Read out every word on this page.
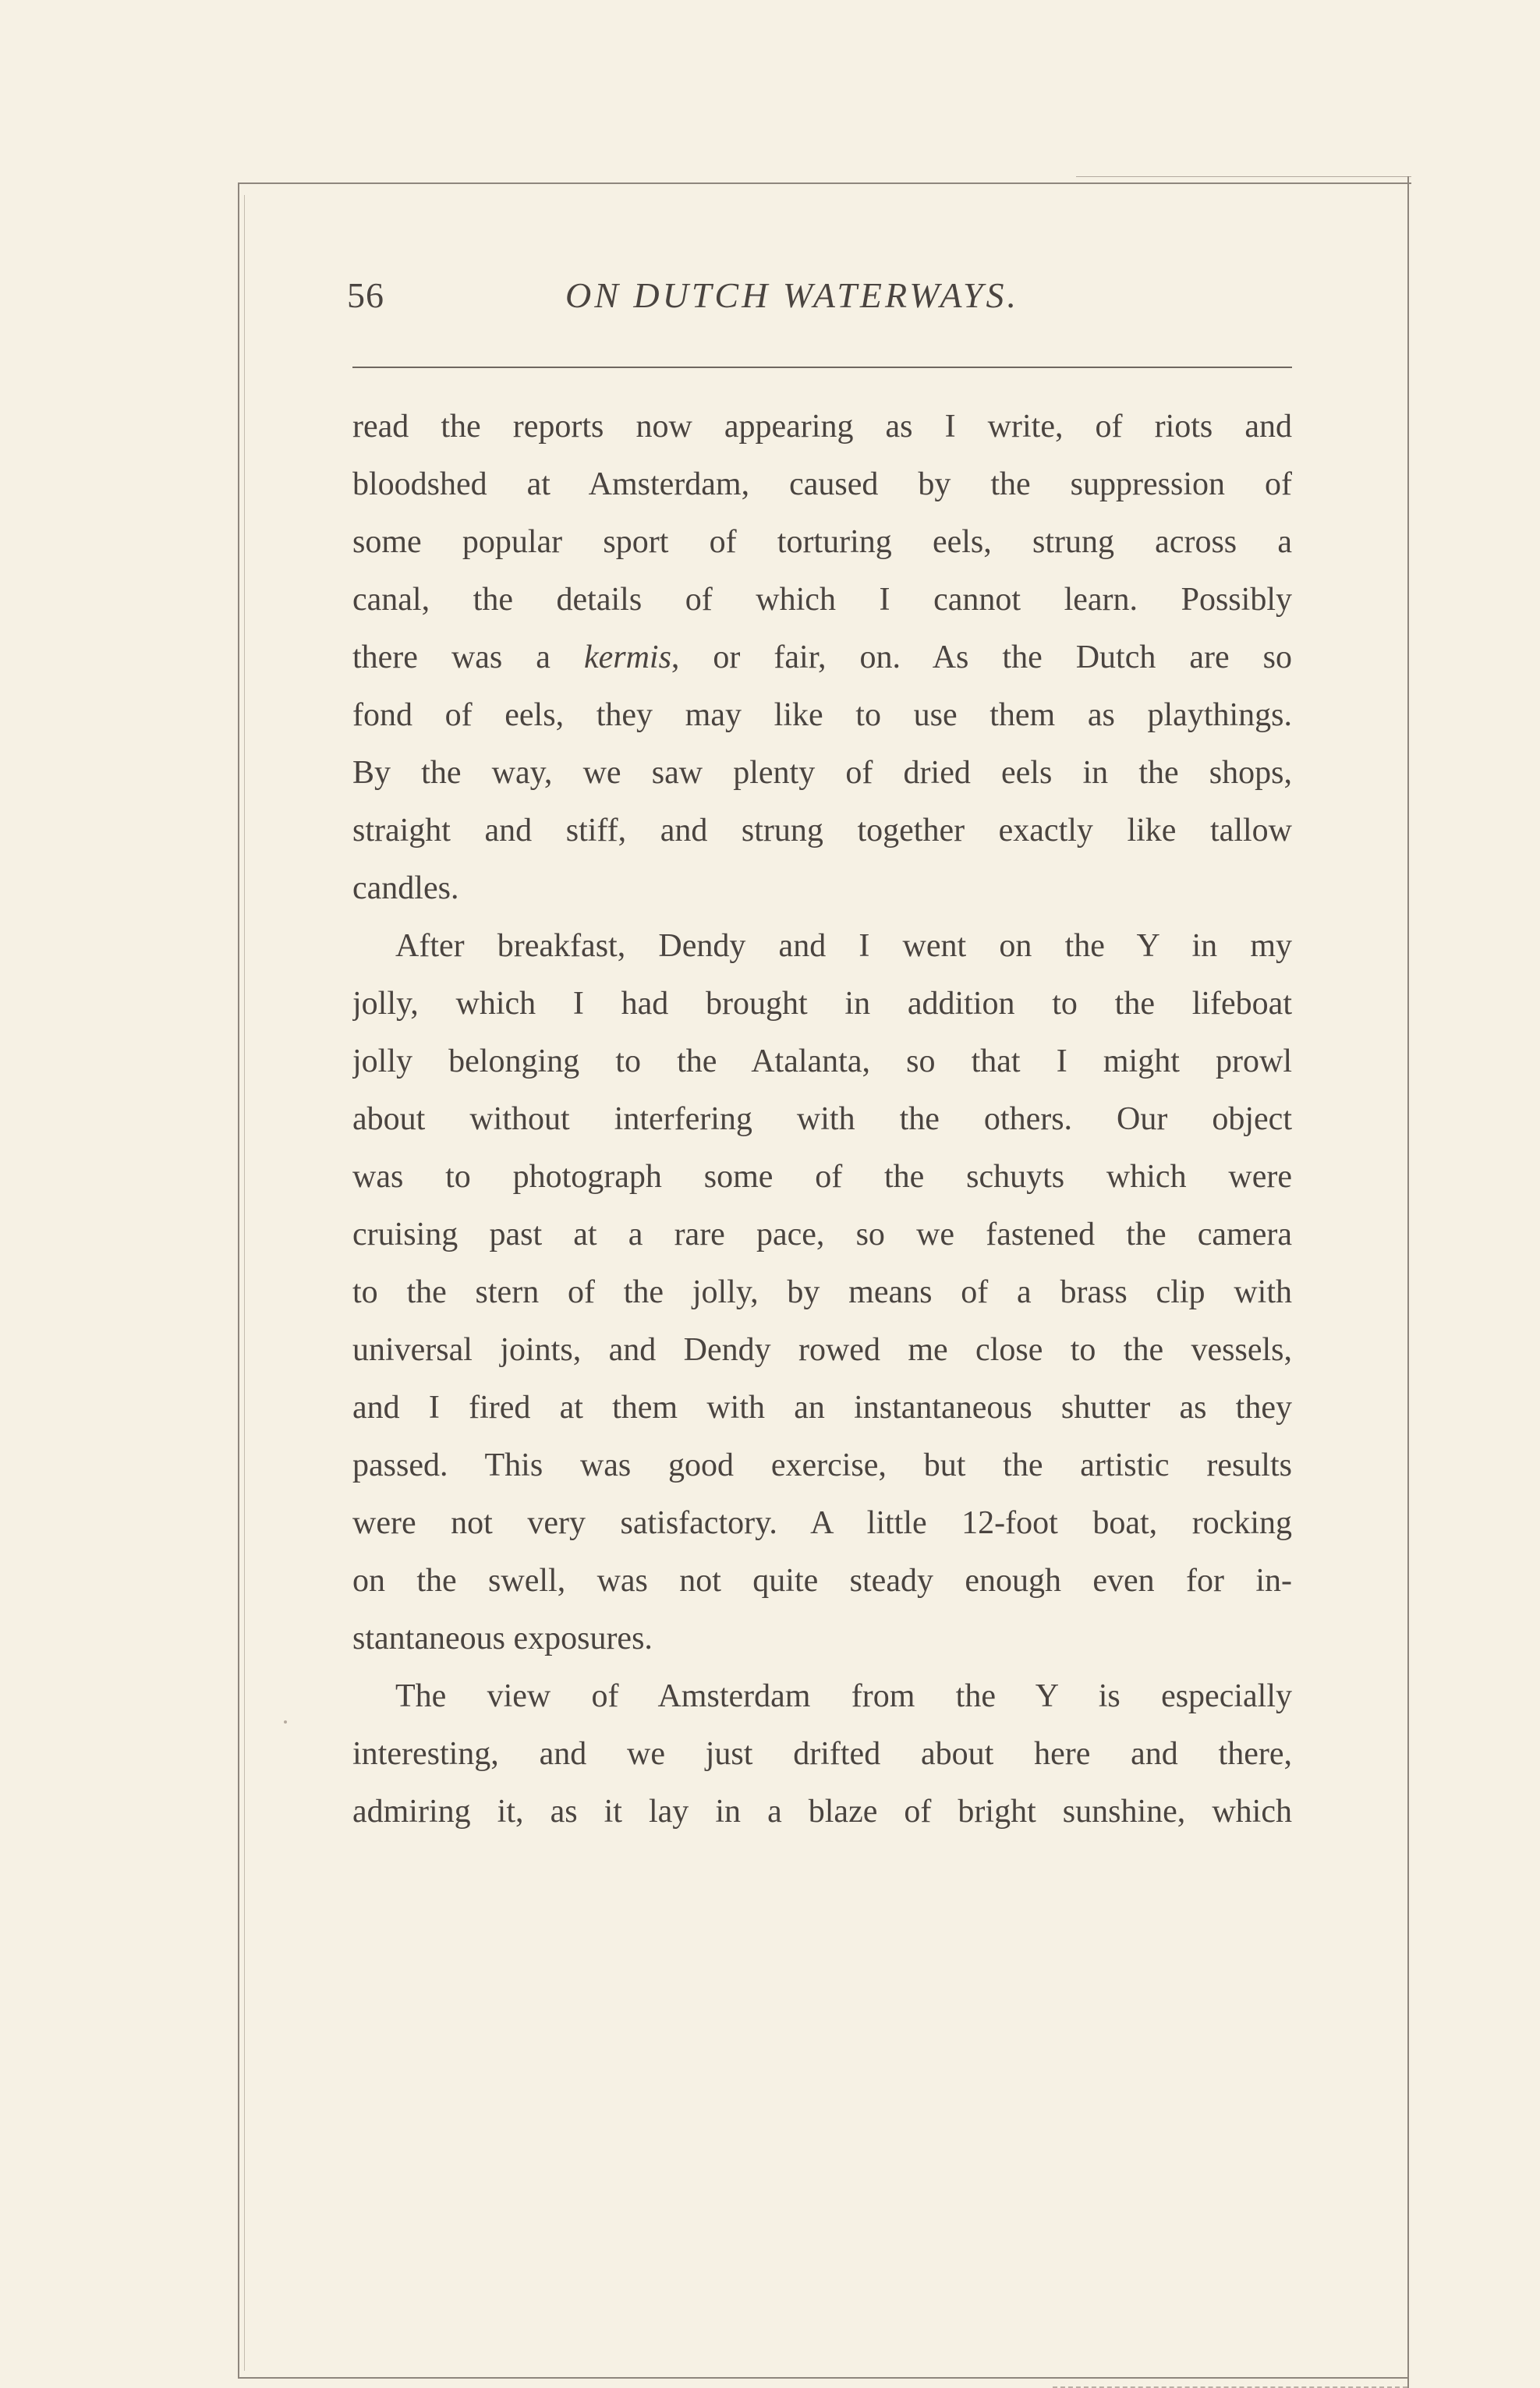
56	ON DUTCH WATERWAYS.
read the reports now appearing as I write, of riots and
bloodshed at Amsterdam, caused by the suppression of
some popular sport of torturing eels, strung across a
canal, the details of which I cannot learn. Possibly
there was a kermis, or fair, on. As the Dutch are so
fond of eels, they may like to use them as playthings.
By the way, we saw plenty of dried eels in the shops,
straight and stiff, and strung together exactly like tallow
candles.
After breakfast, Dendy and I went on the Y in my
jolly, which I had brought in addition to the lifeboat
jolly belonging to the Atalanta, so that I might prowl
about without interfering with the others. Our object
was to photograph some of the schuyts which were
cruising past at a rare pace, so we fastened the camera
to the stern of the jolly, by means of a brass clip with
universal joints, and Dendy rowed me close to the vessels,
and I fired at them with an instantaneous shutter as they
passed. This was good exercise, but the artistic results
were not very satisfactory. A little 12-foot boat, rocking
on the swell, was not quite steady enough even for in-
stantaneous exposures.
The view of Amsterdam from the Y is especially
interesting, and we just drifted about here and there,
admiring it, as it lay in a blaze of bright sunshine, which
